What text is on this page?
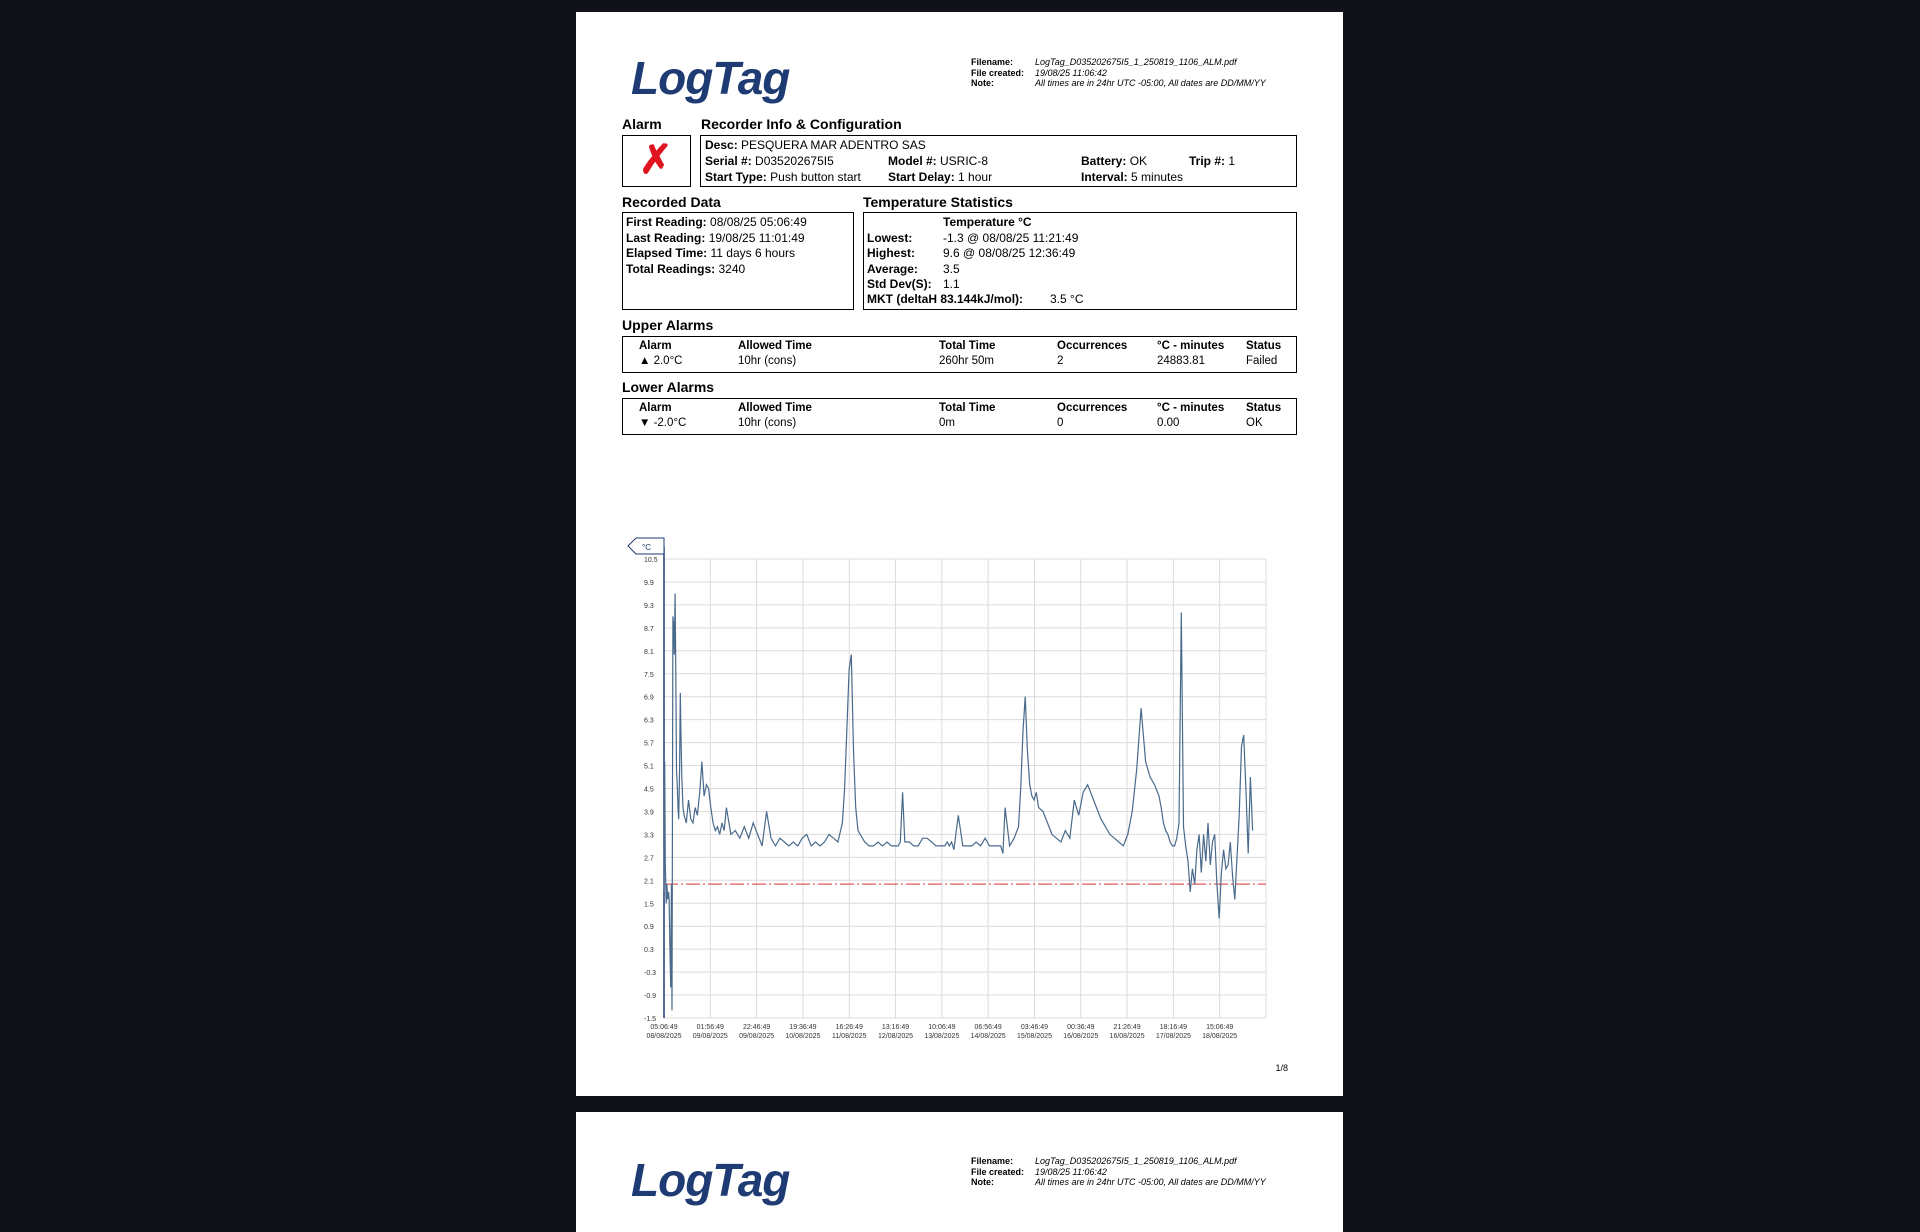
LogTag	Filename:	LogTag_D035202675I5_1_250819_1106_ALM.pdf
File created:	19/08/25 11:06:42
Note:	All times are in 24hr UTC -05:00, All dates are DD/MM/YY
Alarm
✗
Recorder Info & Configuration
Desc: PESQUERA MAR ADENTRO SAS
Serial #: D035202675I5	Model #: USRIC-8	Battery: OK	Trip #: 1
Start Type: Push button start Start Delay: 1 hour	Interval: 5 minutes
Recorded Data
First Reading: 08/08/25 05:06:49
Last Reading: 19/08/25 11:01:49
Elapsed Time: 11 days 6 hours
Total Readings: 3240
Temperature Statistics
Temperature °C
Lowest:	-1.3 @ 08/08/25 11:21:49
Highest: 9.6 @ 08/08/25 12:36:49
Average: 3.5
Std Dev(S): 1.1
MKT (deltaH 83.144kJ/mol): 3.5 °C
Upper Alarms
Alarm	Allowed Time	Total Time	Occurrences	°C - minutes Status
▲ 2.0°C	10hr (cons)	260hr 50m	2	24883.81	Failed
Lower Alarms
Alarm	Allowed Time	Total Time	Occurrences	°C - minutes Status
▼ -2.0°C	10hr (cons)	0m	0	0.00	OK
10.5
9.9
9.3
8.7
8.1
7.5
6.9
6.3
5.7
5.1
4.5
3.9
3.3
2.7
2.1
1.5
0.9
0.3
-0.3
-0.9
-1.5
05:06:49
08/08/2025
01:56:49
09/08/2025
22:46:49
09/08/2025
19:36:49
10/08/2025
16:26:49
11/08/2025
13:16:49
12/08/2025
10:06:49
13/08/2025
06:56:49
14/08/2025
03:46:49
15/08/2025
00:36:49
16/08/2025
21:26:49
16/08/2025
18:16:49
17/08/2025
15:06:49
18/08/2025
°C
1/8
LogTag	Filename:	LogTag_D035202675I5_1_250819_1106_ALM.pdf
File created:	19/08/25 11:06:42
Note:	All times are in 24hr UTC -05:00, All dates are DD/MM/YY
